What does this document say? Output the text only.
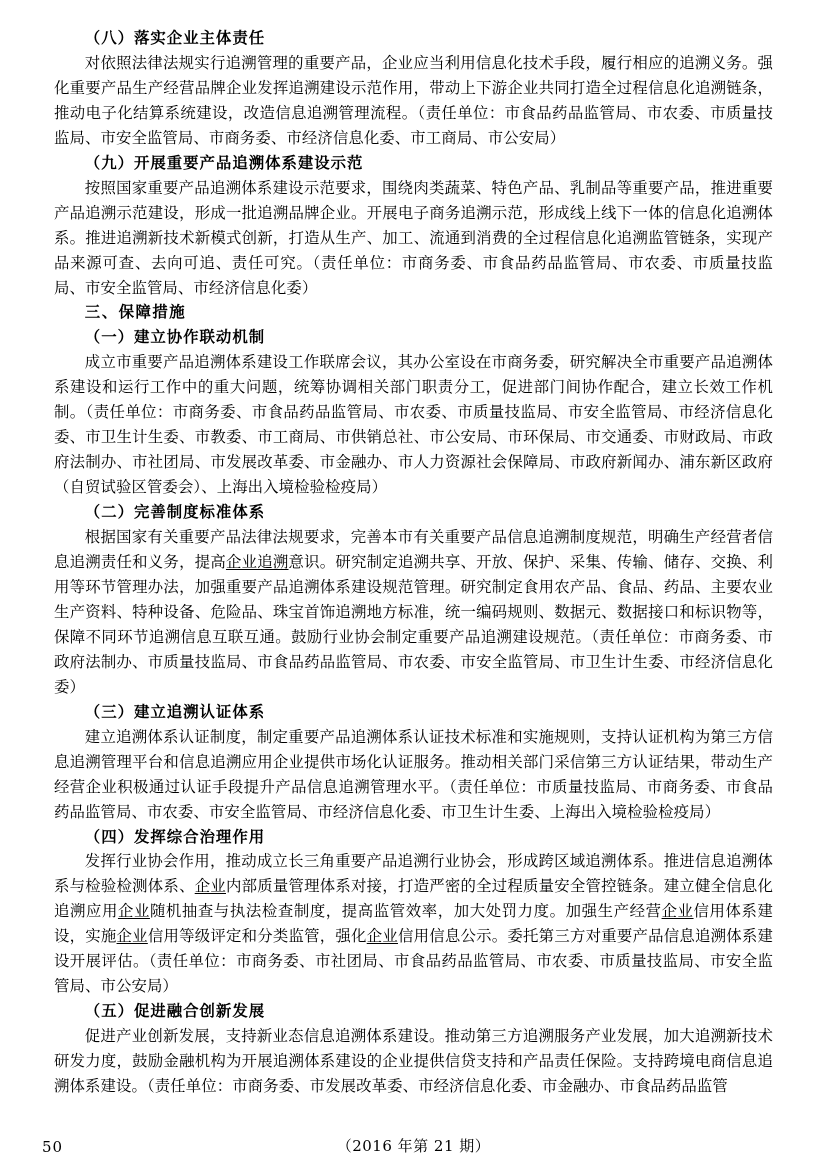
（八）落实企业主体责任

对依照法律法规实行追溯管理的重要产品，企业应当利用信息化技术手段，履行相应的追溯义务。强化重要产品生产经营品牌企业发挥追溯建设示范作用，带动上下游企业共同打造全过程信息化追溯链条，推动电子化结算系统建设，改造信息追溯管理流程。（责任单位：市食品药品监管局、市农委、市质量技监局、市安全监管局、市商务委、市经济信息化委、市工商局、市公安局）

（九）开展重要产品追溯体系建设示范

按照国家重要产品追溯体系建设示范要求，围绕肉类蔬菜、特色产品、乳制品等重要产品，推进重要产品追溯示范建设，形成一批追溯品牌企业。开展电子商务追溯示范，形成线上线下一体的信息化追溯体系。推进追溯新技术新模式创新，打造从生产、加工、流通到消费的全过程信息化追溯监管链条，实现产品来源可查、去向可追、责任可究。（责任单位：市商务委、市食品药品监管局、市农委、市质量技监局、市安全监管局、市经济信息化委）

三、保障措施

（一）建立协作联动机制

成立市重要产品追溯体系建设工作联席会议，其办公室设在市商务委，研究解决全市重要产品追溯体系建设和运行工作中的重大问题，统筹协调相关部门职责分工，促进部门间协作配合，建立长效工作机制。（责任单位：市商务委、市食品药品监管局、市农委、市质量技监局、市安全监管局、市经济信息化委、市卫生计生委、市教委、市工商局、市供销总社、市公安局、市环保局、市交通委、市财政局、市政府法制办、市社团局、市发展改革委、市金融办、市人力资源社会保障局、市政府新闻办、浦东新区政府（自贸试验区管委会）、上海出入境检验检疫局）

（二）完善制度标准体系

根据国家有关重要产品法律法规要求，完善本市有关重要产品信息追溯制度规范，明确生产经营者信息追溯责任和义务，提高企业追溯意识。研究制定追溯共享、开放、保护、采集、传输、储存、交换、利用等环节管理办法，加强重要产品追溯体系建设规范管理。研究制定食用农产品、食品、药品、主要农业生产资料、特种设备、危险品、珠宝首饰追溯地方标准，统一编码规则、数据元、数据接口和标识物等，保障不同环节追溯信息互联互通。鼓励行业协会制定重要产品追溯建设规范。（责任单位：市商务委、市政府法制办、市质量技监局、市食品药品监管局、市农委、市安全监管局、市卫生计生委、市经济信息化委）

（三）建立追溯认证体系

建立追溯体系认证制度，制定重要产品追溯体系认证技术标准和实施规则，支持认证机构为第三方信息追溯管理平台和信息追溯应用企业提供市场化认证服务。推动相关部门采信第三方认证结果，带动生产经营企业积极通过认证手段提升产品信息追溯管理水平。（责任单位：市质量技监局、市商务委、市食品药品监管局、市农委、市安全监管局、市经济信息化委、市卫生计生委、上海出入境检验检疫局）

（四）发挥综合治理作用

发挥行业协会作用，推动成立长三角重要产品追溯行业协会，形成跨区域追溯体系。推进信息追溯体系与检验检测体系、企业内部质量管理体系对接，打造严密的全过程质量安全管控链条。建立健全信息化追溯应用企业随机抽查与执法检查制度，提高监管效率，加大处罚力度。加强生产经营企业信用体系建设，实施企业信用等级评定和分类监管，强化企业信用信息公示。委托第三方对重要产品信息追溯体系建设开展评估。（责任单位：市商务委、市社团局、市食品药品监管局、市农委、市质量技监局、市安全监管局、市公安局）

（五）促进融合创新发展

促进产业创新发展，支持新业态信息追溯体系建设。推动第三方追溯服务产业发展，加大追溯新技术研发力度，鼓励金融机构为开展追溯体系建设的企业提供信贷支持和产品责任保险。支持跨境电商信息追溯体系建设。（责任单位：市商务委、市发展改革委、市经济信息化委、市金融办、市食品药品监管

50	（2016 年第 21 期）
